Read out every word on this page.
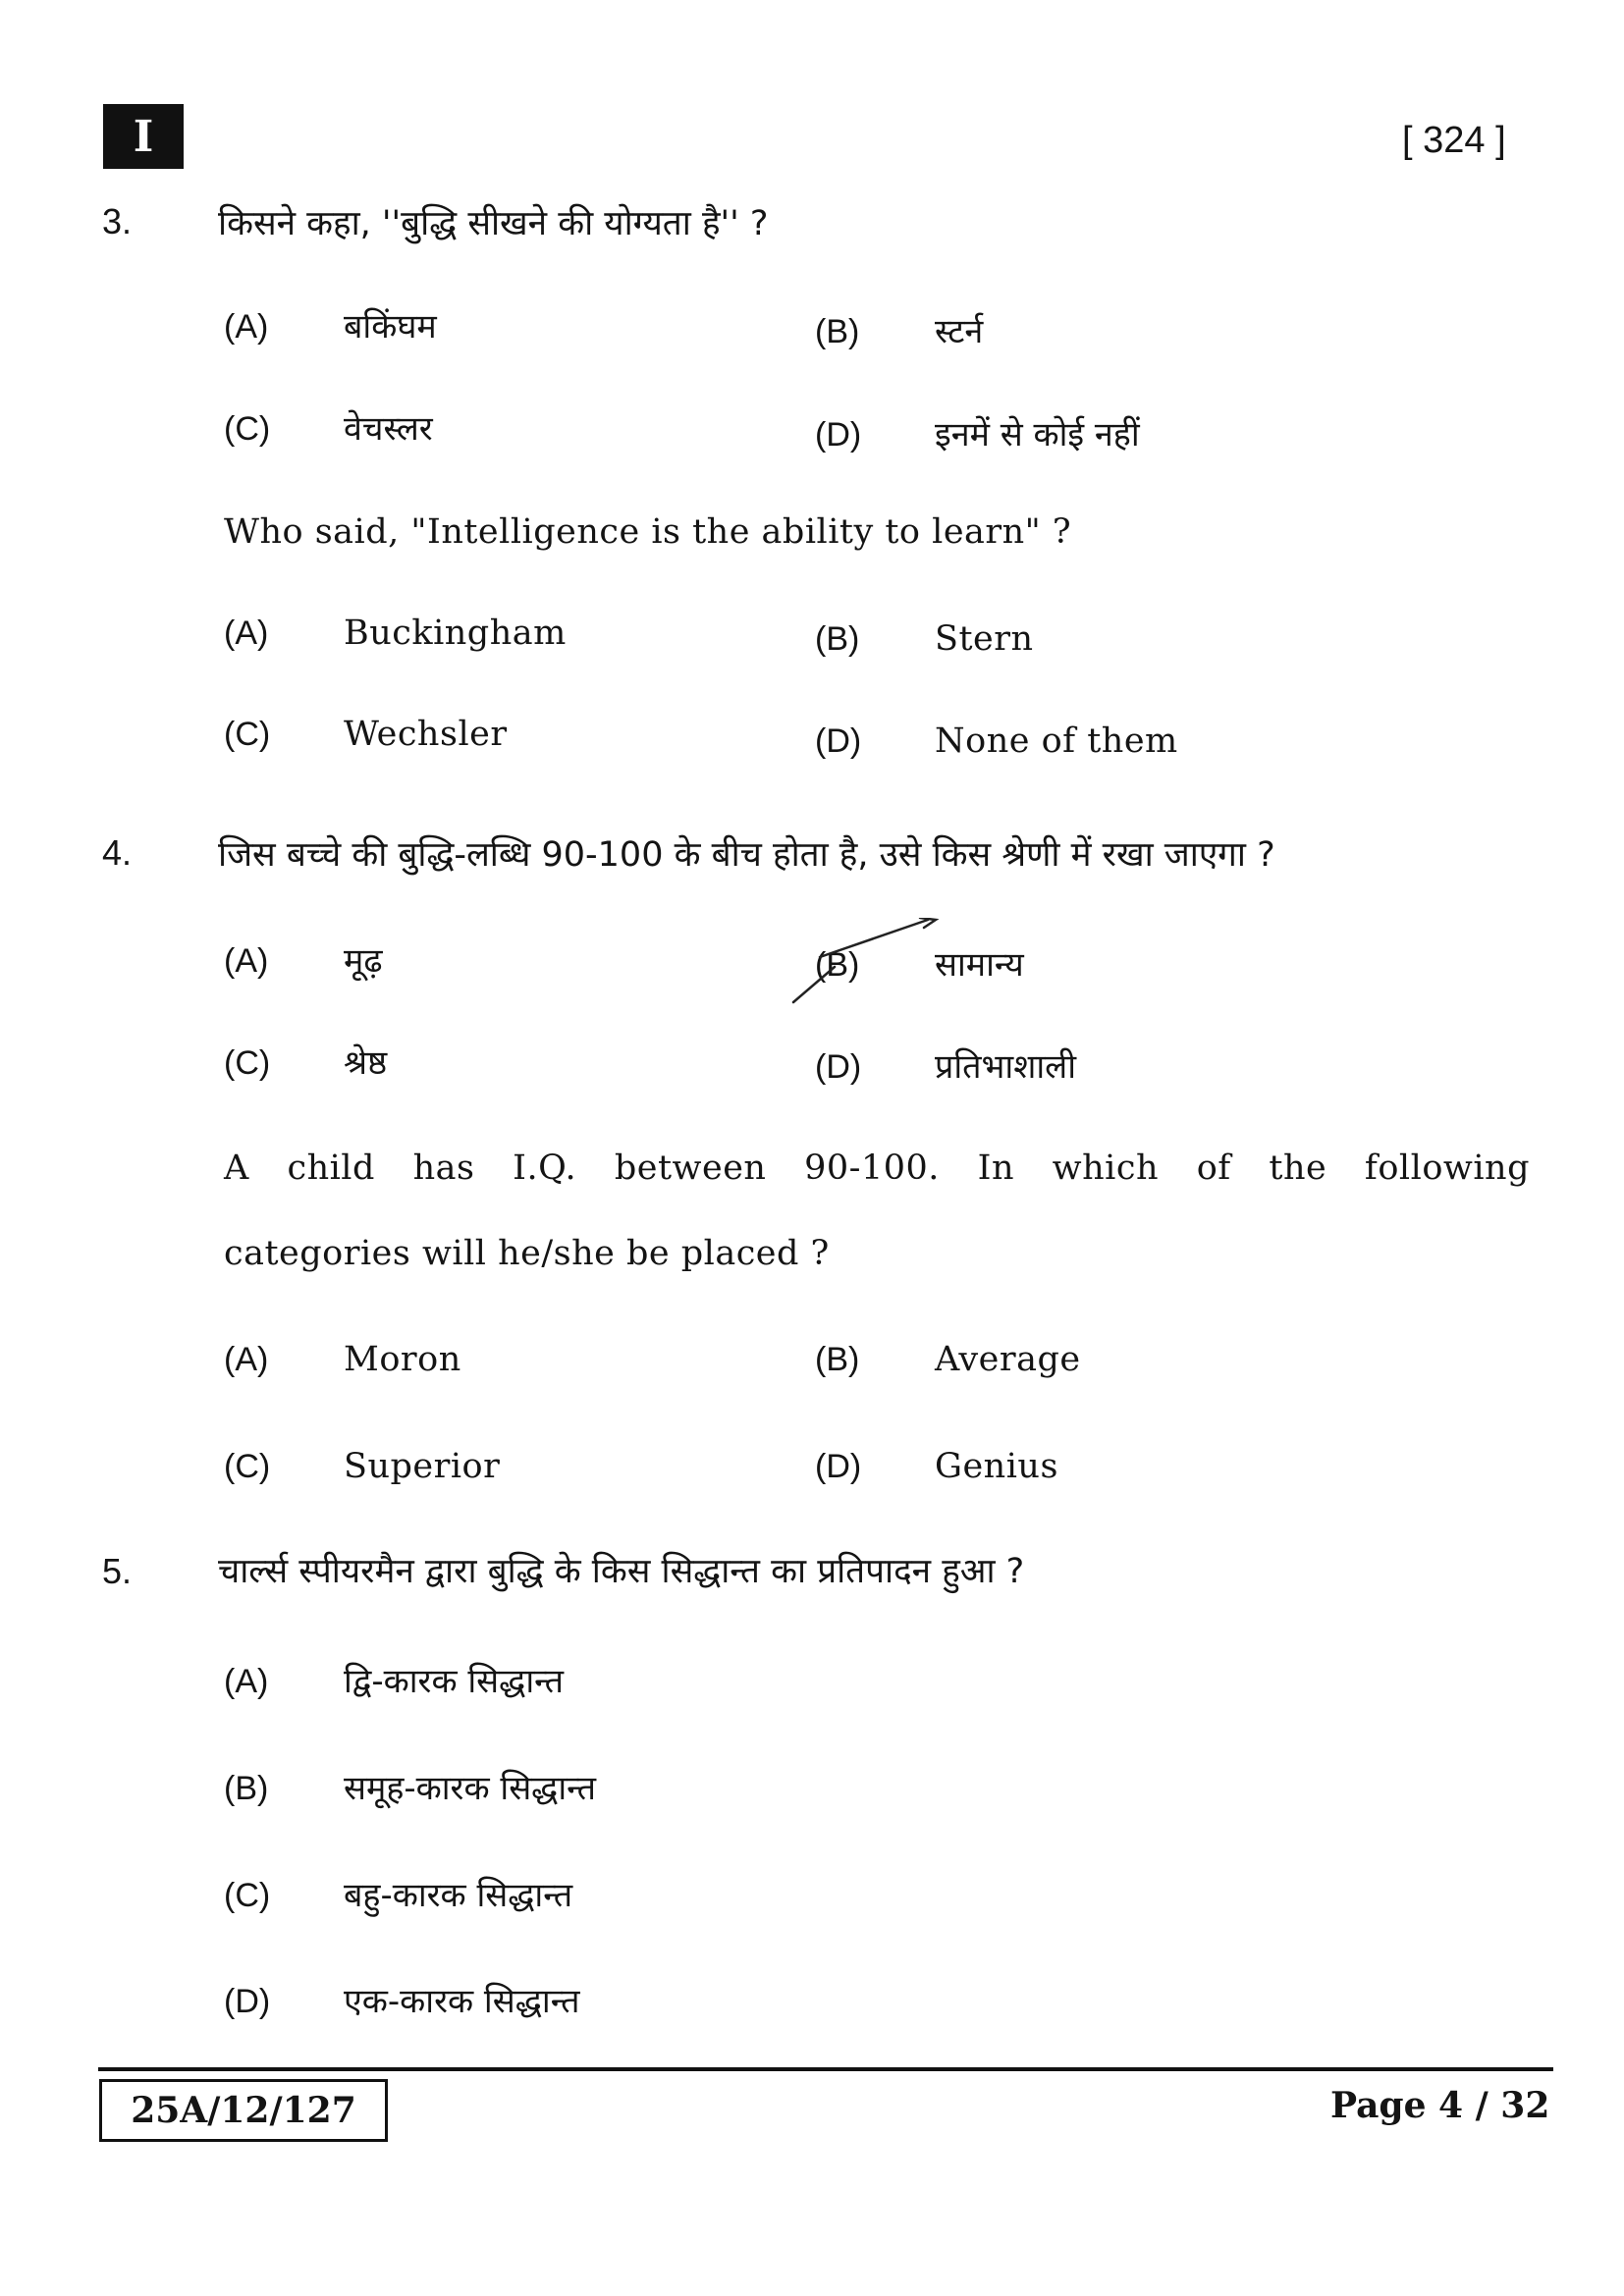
I	[ 324 ]
3.	किसने कहा, ''बुद्धि सीखने की योग्यता है'' ?
(A)	बकिंघम	(B)	स्टर्न
(C)	वेचस्लर	(D)	इनमें से कोई नहीं
Who said, "Intelligence is the ability to learn" ?
(A)	Buckingham	(B)	Stern
(C)	Wechsler	(D)	None of them
4.	जिस बच्चे की बुद्धि-लब्धि 90-100 के बीच होता है, उसे किस श्रेणी में रखा जाएगा ?
(A)	मूढ़	(B)	सामान्य
(C)	श्रेष्ठ	(D)	प्रतिभाशाली
A child has I.Q. between 90-100. In which of the following
categories will he/she be placed ?
(A)	Moron	(B)	Average
(C)	Superior	(D)	Genius
5.	चार्ल्स स्पीयरमैन द्वारा बुद्धि के किस सिद्धान्त का प्रतिपादन हुआ ?
(A)	द्वि-कारक सिद्धान्त
(B)	समूह-कारक सिद्धान्त
(C)	बहु-कारक सिद्धान्त
(D)	एक-कारक सिद्धान्त
25A/12/127	Page 4 / 32
